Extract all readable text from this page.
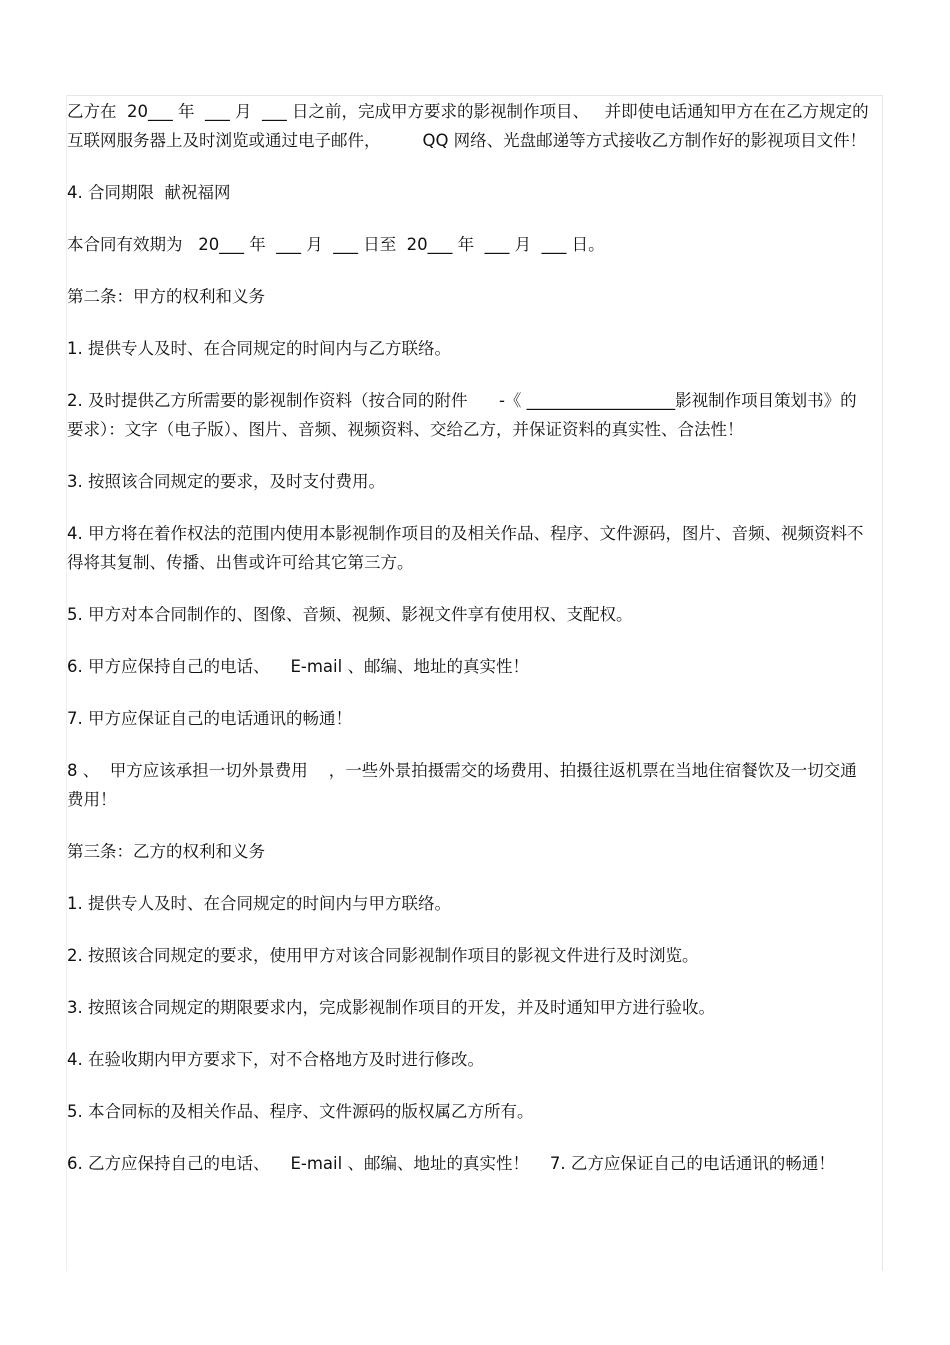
乙方在  20___ 年  ___ 月  ___ 日之前，完成甲方要求的影视制作项目、   并即使电话通知甲方在在乙方规定的互联网服务器上及时浏览或通过电子邮件，        QQ 网络、光盘邮递等方式接收乙方制作好的影视项目文件！

4. 合同期限  献祝福网

本合同有效期为   20___ 年  ___ 月  ___ 日至  20___ 年  ___ 月  ___ 日。

第二条：甲方的权利和义务

1. 提供专人及时、在合同规定的时间内与乙方联络。

2. 及时提供乙方所需要的影视制作资料（按合同的附件      -《 __________________影视制作项目策划书》的要求）：文字（电子版）、图片、音频、视频资料、交给乙方，并保证资料的真实性、合法性！

3. 按照该合同规定的要求，及时支付费用。

4. 甲方将在着作权法的范围内使用本影视制作项目的及相关作品、程序、文件源码，图片、音频、视频资料不得将其复制、传播、出售或许可给其它第三方。

5. 甲方对本合同制作的、图像、音频、视频、影视文件享有使用权、支配权。

6. 甲方应保持自己的电话、    E-mail 、邮编、地址的真实性！

7. 甲方应保证自己的电话通讯的畅通！

8 、  甲方应该承担一切外景费用    ，一些外景拍摄需交的场费用、拍摄往返机票在当地住宿餐饮及一切交通费用！

第三条：乙方的权利和义务

1. 提供专人及时、在合同规定的时间内与甲方联络。

2. 按照该合同规定的要求，使用甲方对该合同影视制作项目的影视文件进行及时浏览。

3. 按照该合同规定的期限要求内，完成影视制作项目的开发，并及时通知甲方进行验收。

4. 在验收期内甲方要求下，对不合格地方及时进行修改。

5. 本合同标的及相关作品、程序、文件源码的版权属乙方所有。

6. 乙方应保持自己的电话、    E-mail 、邮编、地址的真实性！    7. 乙方应保证自己的电话通讯的畅通！
